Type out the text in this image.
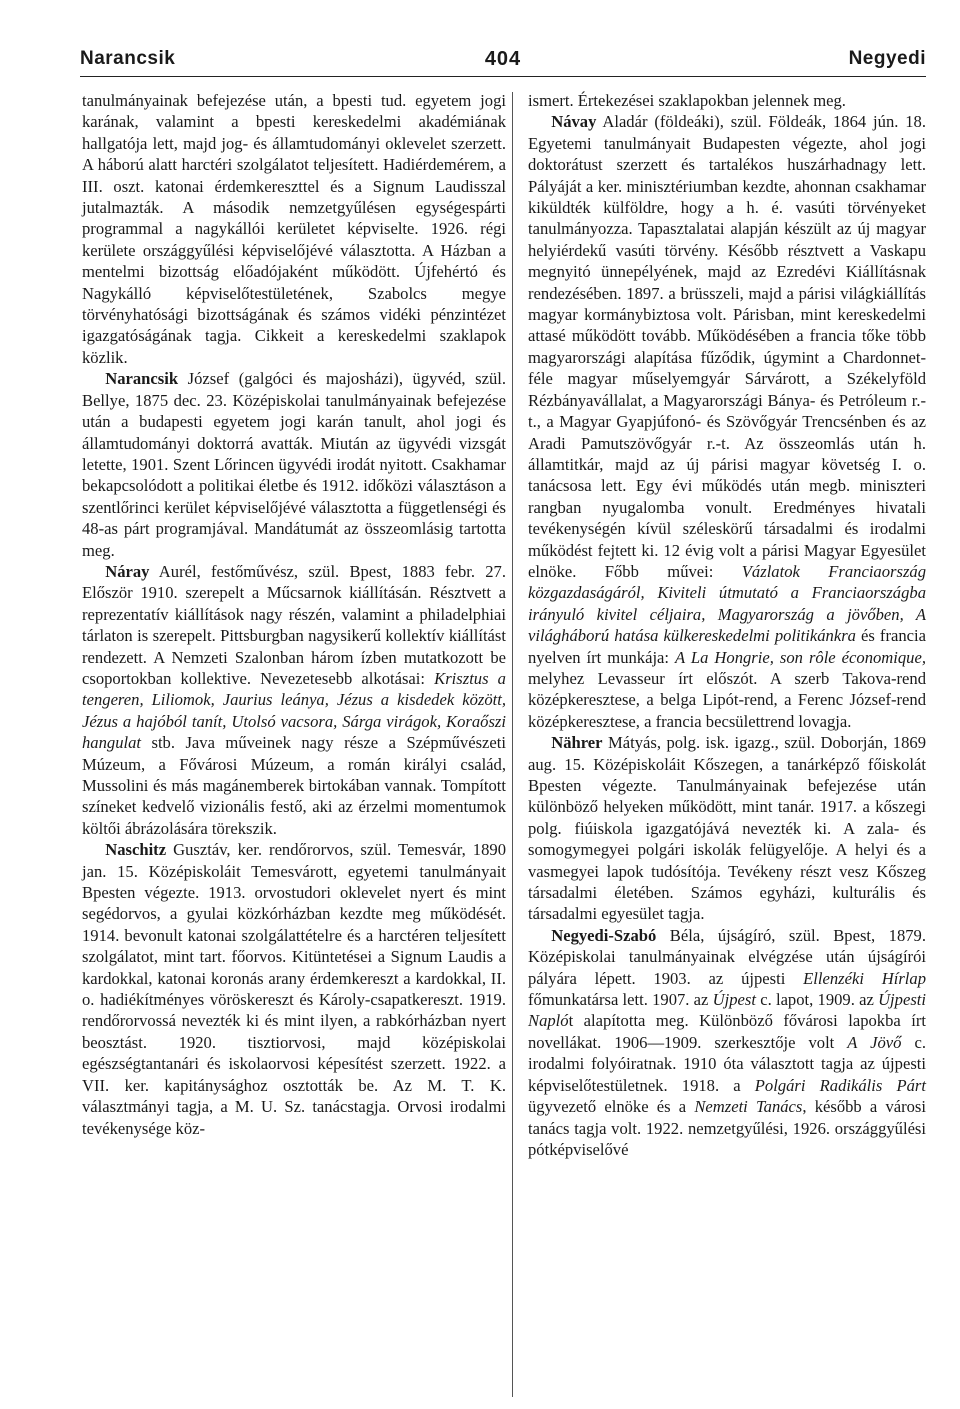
Narancsik	404	Negyedi

tanulmányainak befejezése után, a bpesti tud. egyetem jogi karának, valamint a bpesti kereskedelmi akadémiának hallgatója lett, majd jog- és államtudományi oklevelet szerzett. A háború alatt harctéri szolgálatot teljesített. Hadiérdemérem, a III. oszt. katonai érdemkereszttel és a Signum Laudisszal jutalmazták. A második nemzetgyűlésen egységespárti programmal a nagykállói kerületet képviselte. 1926. régi kerülete országgyűlési képviselőjévé választotta. A Házban a mentelmi bizottság előadójaként működött. Újfehértó és Nagykálló képviselőtestületének, Szabolcs megye törvényhatósági bizottságának és számos vidéki pénzintézet igazgatóságának tagja. Cikkeit a kereskedelmi szaklapok közlik.

Narancsik József (galgóci és majosházi), ügyvéd, szül. Bellye, 1875 dec. 23. Középiskolai tanulmányainak befejezése után a budapesti egyetem jogi karán tanult, ahol jogi és államtudományi doktorrá avatták. Miután az ügyvédi vizsgát letette, 1901. Szent Lőrincen ügyvédi irodát nyitott. Csakhamar bekapcsolódott a politikai életbe és 1912. időközi választáson a szentlőrinci kerület képviselőjévé választotta a függetlenségi és 48-as párt programjával. Mandátumát az összeomlásig tartotta meg.

Náray Aurél, festőművész, szül. Bpest, 1883 febr. 27. Először 1910. szerepelt a Műcsarnok kiállításán. Résztvett a reprezentatív kiállítások nagy részén, valamint a philadelphiai tárlaton is szerepelt. Pittsburgban nagysikerű kollektív kiállítást rendezett. A Nemzeti Szalonban három ízben mutatkozott be csoportokban kollektive. Nevezetesebb alkotásai: Krisztus a tengeren, Liliomok, Jaurius leánya, Jézus a kisdedek között, Jézus a hajóból tanít, Utolsó vacsora, Sárga virágok, Koraőszi hangulat stb. Java műveinek nagy része a Szépművészeti Múzeum, a Fővárosi Múzeum, a román királyi család, Mussolini és más magánemberek birtokában vannak. Tompított színeket kedvelő vizionális festő, aki az érzelmi momentumok költői ábrázolására törekszik.

Naschitz Gusztáv, ker. rendőrorvos, szül. Temesvár, 1890 jan. 15. Középiskoláit Temesvárott, egyetemi tanulmányait Bpesten végezte. 1913. orvostudori oklevelet nyert és mint segédorvos, a gyulai közkórházban kezdte meg működését. 1914. bevonult katonai szolgálattételre és a harctéren teljesített szolgálatot, mint tart. főorvos. Kitüntetései a Signum Laudis a kardokkal, katonai koronás arany érdemkereszt a kardokkal, II. o. hadiékítményes vöröskereszt és Károly-csapatkereszt. 1919. rendőrorvossá nevezték ki és mint ilyen, a rabkórházban nyert beosztást. 1920. tisztiorvosi, majd középiskolai egészségtantanári és iskolaorvosi képesítést szerzett. 1922. a VII. ker. kapitánysághoz osztották be. Az M. T. K. választmányi tagja, a M. U. Sz. tanácstagja. Orvosi irodalmi tevékenysége köz-

ismert. Értekezései szaklapokban jelennek meg.

Návay Aladár (földeáki), szül. Földeák, 1864 jún. 18. Egyetemi tanulmányait Budapesten végezte, ahol jogi doktorátust szerzett és tartalékos huszárhadnagy lett. Pályáját a ker. minisztériumban kezdte, ahonnan csakhamar kiküldték külföldre, hogy a h. é. vasúti törvényeket tanulmányozza. Tapasztalatai alapján készült az új magyar helyiérdekű vasúti törvény. Később résztvett a Vaskapu megnyitó ünnepélyének, majd az Ezredévi Kiállításnak rendezésében. 1897. a brüsszeli, majd a párisi világkiállítás magyar kormánybiztosa volt. Párisban, mint kereskedelmi attasé működött tovább. Működésében a francia tőke több magyarországi alapítása fűződik, úgymint a Chardonnet-féle magyar műselyemgyár Sárvárott, a Székelyföld Rézbányavállalat, a Magyarországi Bánya- és Petróleum r.-t., a Magyar Gyapjúfonó- és Szövőgyár Trencsénben és az Aradi Pamutszövőgyár r.-t. Az összeomlás után h. államtitkár, majd az új párisi magyar követség I. o. tanácsosa lett. Egy évi működés után megb. miniszteri rangban nyugalomba vonult. Eredményes hivatali tevékenységén kívül széleskörű társadalmi és irodalmi működést fejtett ki. 12 évig volt a párisi Magyar Egyesület elnöke. Főbb művei: Vázlatok Franciaország közgazdaságáról, Kiviteli útmutató a Franciaországba irányuló kivitel céljaira, Magyarország a jövőben, A világháború hatása külkereskedelmi politikánkra és francia nyelven írt munkája: A La Hongrie, son rôle économique, melyhez Levasseur írt előszót. A szerb Takova-rend középkeresztese, a belga Lipót-rend, a Ferenc József-rend középkeresztese, a francia becsülettrend lovagja.

Nährer Mátyás, polg. isk. igazg., szül. Doborján, 1869 aug. 15. Középiskoláit Kőszegen, a tanárképző főiskolát Bpesten végezte. Tanulmányainak befejezése után különböző helyeken működött, mint tanár. 1917. a kőszegi polg. fiúiskola igazgatójává nevezték ki. A zala- és somogymegyei polgári iskolák felügyelője. A helyi és a vasmegyei lapok tudósítója. Tevékeny részt vesz Kőszeg társadalmi életében. Számos egyházi, kulturális és társadalmi egyesület tagja.

Negyedi-Szabó Béla, újságíró, szül. Bpest, 1879. Középiskolai tanulmányainak elvégzése után újságírói pályára lépett. 1903. az újpesti Ellenzéki Hírlap főmunkatársa lett. 1907. az Újpest c. lapot, 1909. az Újpesti Naplót alapította meg. Különböző fővárosi lapokba írt novellákat. 1906—1909. szerkesztője volt A Jövő c. irodalmi folyóiratnak. 1910 óta választott tagja az újpesti képviselőtestületnek. 1918. a Polgári Radikális Párt ügyvezető elnöke és a Nemzeti Tanács, később a városi tanács tagja volt. 1922. nemzetgyűlési, 1926. országgyűlési pótképviselővé
